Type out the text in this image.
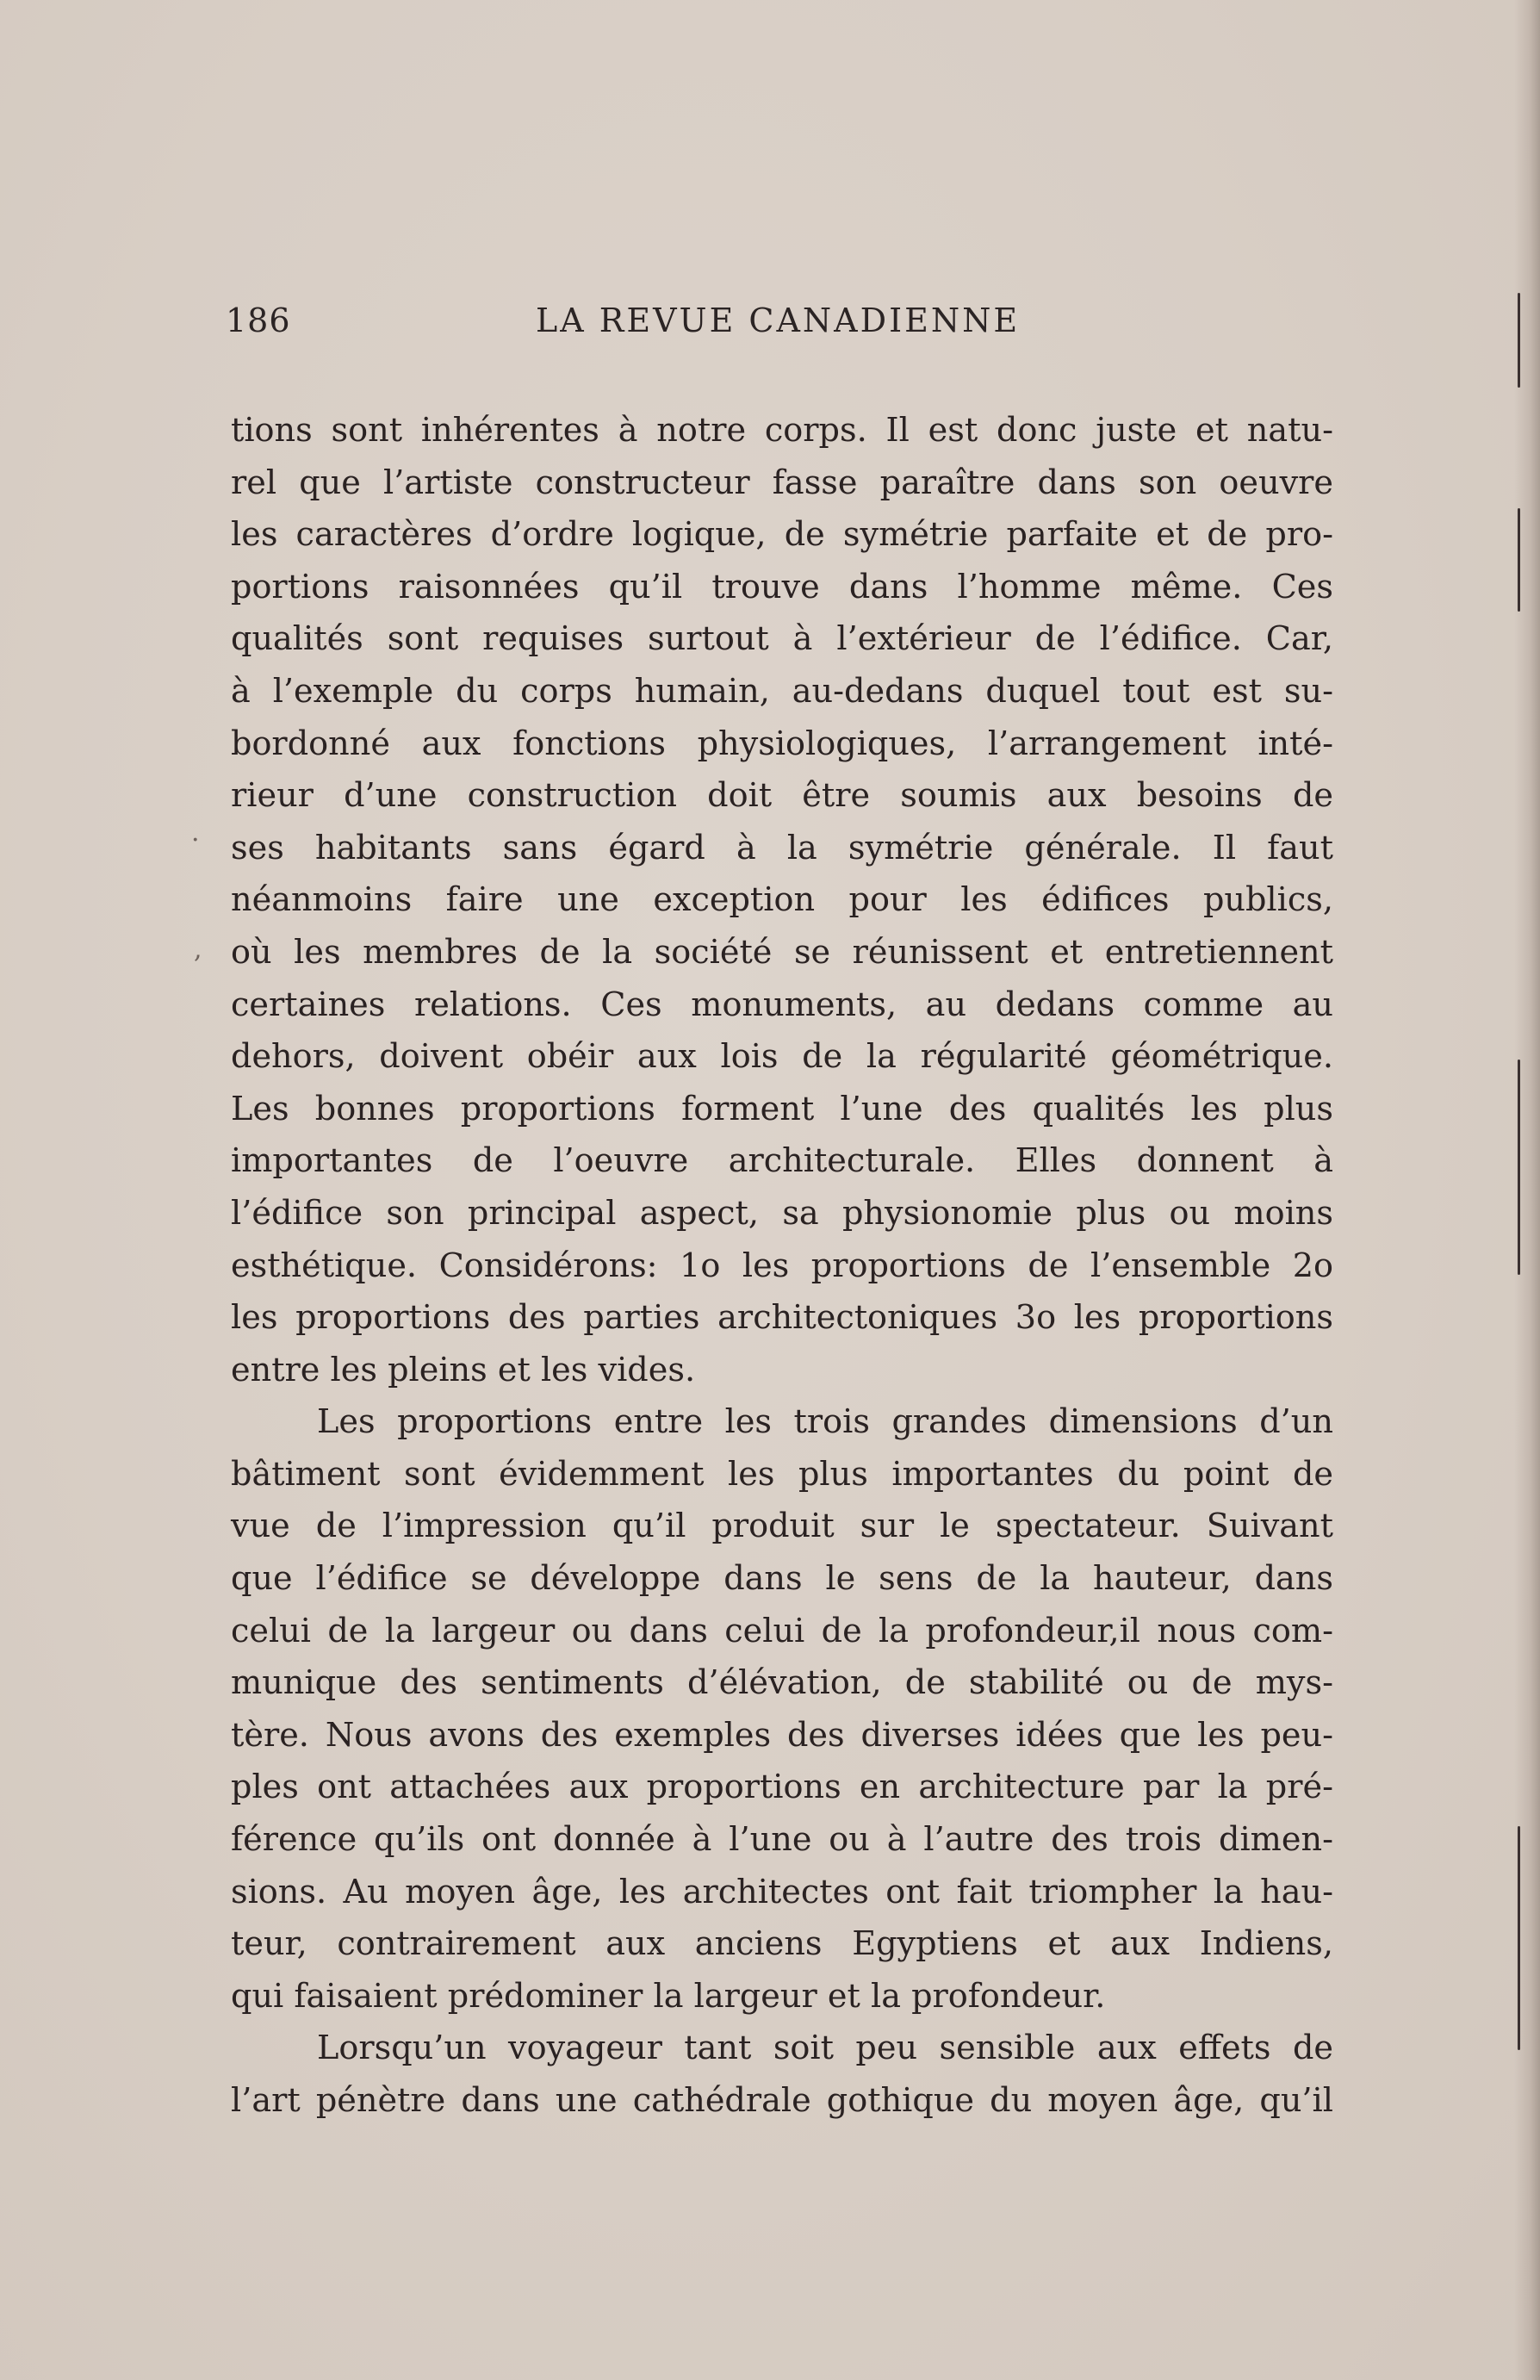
186	LA REVUE CANADIENNE
·
,
tions sont inhérentes à notre corps. Il est donc juste et natu-
rel que l’artiste constructeur fasse paraître dans son oeuvre
les caractères d’ordre logique, de symétrie parfaite et de pro-
portions raisonnées qu’il trouve dans l’homme même. Ces
qualités sont requises surtout à l’extérieur de l’édifice. Car,
à l’exemple du corps humain, au-dedans duquel tout est su-
bordonné aux fonctions physiologiques, l’arrangement inté-
rieur d’une construction doit être soumis aux besoins de
ses habitants sans égard à la symétrie générale. Il faut
néanmoins faire une exception pour les édifices publics,
où les membres de la société se réunissent et entretiennent
certaines relations. Ces monuments, au dedans comme au
dehors, doivent obéir aux lois de la régularité géométrique.
Les bonnes proportions forment l’une des qualités les plus
importantes de l’oeuvre architecturale. Elles donnent à
l’édifice son principal aspect, sa physionomie plus ou moins
esthétique. Considérons: 1o les proportions de l’ensemble 2o
les proportions des parties architectoniques 3o les proportions
entre les pleins et les vides.
Les proportions entre les trois grandes dimensions d’un
bâtiment sont évidemment les plus importantes du point de
vue de l’impression qu’il produit sur le spectateur. Suivant
que l’édifice se développe dans le sens de la hauteur, dans
celui de la largeur ou dans celui de la profondeur,il nous com-
munique des sentiments d’élévation, de stabilité ou de mys-
tère. Nous avons des exemples des diverses idées que les peu-
ples ont attachées aux proportions en architecture par la pré-
férence qu’ils ont donnée à l’une ou à l’autre des trois dimen-
sions. Au moyen âge, les architectes ont fait triompher la hau-
teur, contrairement aux anciens Egyptiens et aux Indiens,
qui faisaient prédominer la largeur et la profondeur.
Lorsqu’un voyageur tant soit peu sensible aux effets de
l’art pénètre dans une cathédrale gothique du moyen âge, qu’il
